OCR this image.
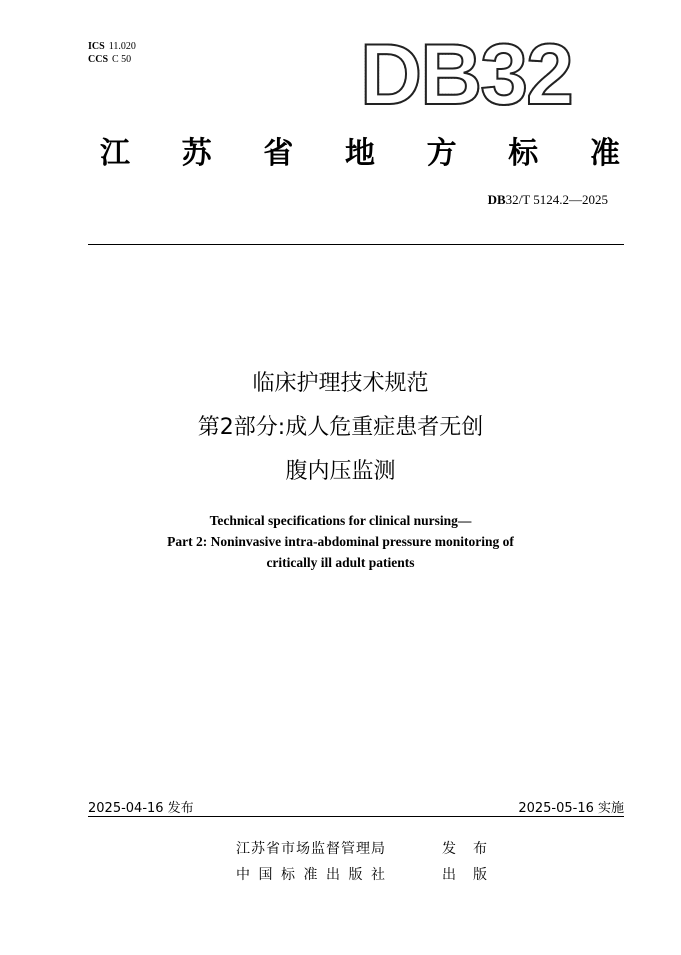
ICS 11.020
CCS C 50	DB32
江 苏 省 地 方 标 准
DB32/T 5124.2—2025
临床护理技术规范
第2部分:成人危重症患者无创
腹内压监测
Technical specifications for clinical nursing—
Part 2: Noninvasive intra-abdominal pressure monitoring of
critically ill adult patients
2025-04-16 发布	2025-05-16 实施
江苏省市场监督管理局	发布
中国标准出版社	出版
